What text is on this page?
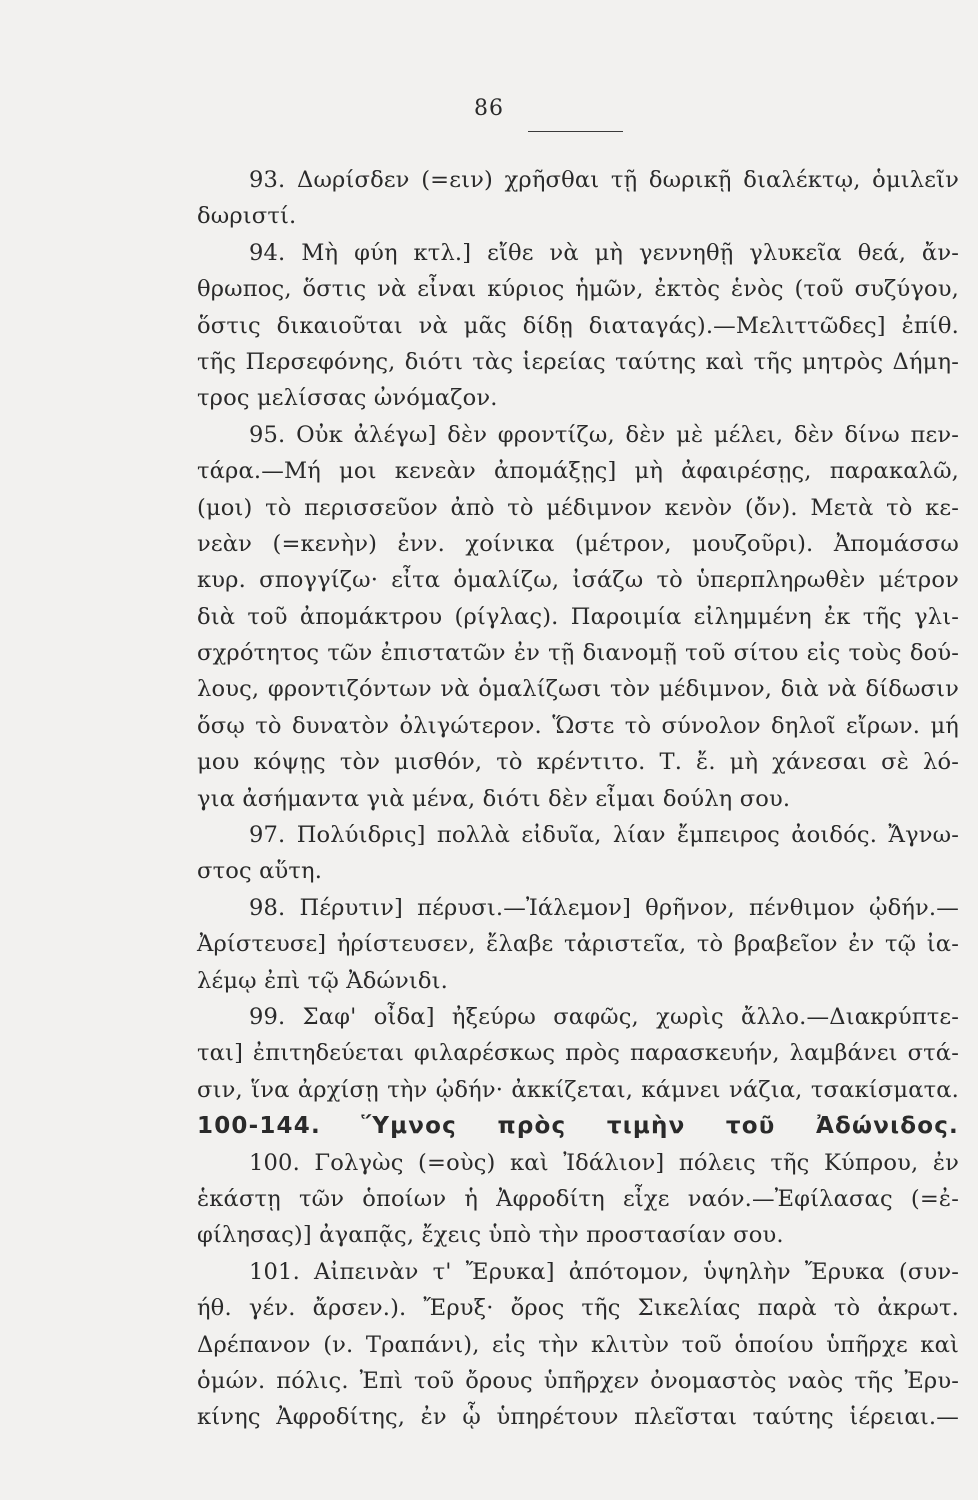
86
93. Δωρίσδεν (=ειν) χρῆσθαι τῇ δωρικῇ διαλέκτῳ, ὁμιλεῖν
δωριστί.
94. Μὴ φύη κτλ.] εἴθε νὰ μὴ γεννηθῇ γλυκεῖα θεά, ἄν-
θρωπος, ὅστις νὰ εἶναι κύριος ἡμῶν, ἐκτὸς ἑνὸς (τοῦ συζύγου,
ὅστις δικαιοῦται νὰ μᾶς δίδῃ διαταγάς).—Μελιττῶδες] ἐπίθ.
τῆς Περσεφόνης, διότι τὰς ἱερείας ταύτης καὶ τῆς μητρὸς Δήμη-
τρος μελίσσας ὠνόμαζον.
95. Οὐκ ἀλέγω] δὲν φροντίζω, δὲν μὲ μέλει, δὲν δίνω πεν-
τάρα.—Μή μοι κενεὰν ἀπομάξῃς] μὴ ἀφαιρέσῃς, παρακαλῶ,
(μοι) τὸ περισσεῦον ἀπὸ τὸ μέδιμνον κενὸν (ὄν). Μετὰ τὸ κε-
νεὰν (=κενὴν) ἐνν. χοίνικα (μέτρον, μουζοῦρι). Ἀπομάσσω
κυρ. σπογγίζω· εἶτα ὁμαλίζω, ἰσάζω τὸ ὑπερπληρωθὲν μέτρον
διὰ τοῦ ἀπομάκτρου (ρίγλας). Παροιμία εἰλημμένη ἐκ τῆς γλι-
σχρότητος τῶν ἐπιστατῶν ἐν τῇ διανομῇ τοῦ σίτου εἰς τοὺς δού-
λους, φροντιζόντων νὰ ὁμαλίζωσι τὸν μέδιμνον, διὰ νὰ δίδωσιν
ὅσῳ τὸ δυνατὸν ὀλιγώτερον. Ὥστε τὸ σύνολον δηλοῖ εἴρων. μή
μου κόψῃς τὸν μισθόν, τὸ κρέντιτο. Τ. ἔ. μὴ χάνεσαι σὲ λό-
για ἀσήμαντα γιὰ μένα, διότι δὲν εἶμαι δούλη σου.
97. Πολύιδρις] πολλὰ εἰδυῖα, λίαν ἔμπειρος ἀοιδός. Ἄγνω-
στος αὕτη.
98. Πέρυτιν] πέρυσι.—Ἰάλεμον] θρῆνον, πένθιμον ᾠδήν.—
Ἀρίστευσε] ἠρίστευσεν, ἔλαβε τἀριστεῖα, τὸ βραβεῖον ἐν τῷ ἰα-
λέμῳ ἐπὶ τῷ Ἀδώνιδι.
99. Σαφ' οἶδα] ἠξεύρω σαφῶς, χωρὶς ἄλλο.—Διακρύπτε-
ται] ἐπιτηδεύεται φιλαρέσκως πρὸς παρασκευήν, λαμβάνει στά-
σιν, ἵνα ἀρχίσῃ τὴν ᾠδήν· ἀκκίζεται, κάμνει νάζια, τσακίσματα.
100-144. Ὕμνος πρὸς τιμὴν τοῦ Ἀδώνιδος.
100. Γολγὼς (=οὺς) καὶ Ἰδάλιον] πόλεις τῆς Κύπρου, ἐν
ἑκάστῃ τῶν ὁποίων ἡ Ἀφροδίτη εἶχε ναόν.—Ἐφίλασας (=ἐ-
φίλησας)] ἀγαπᾷς, ἔχεις ὑπὸ τὴν προστασίαν σου.
101. Αἰπεινὰν τ' Ἔρυκα] ἀπότομον, ὑψηλὴν Ἔρυκα (συν-
ήθ. γέν. ἄρσεν.). Ἔρυξ· ὄρος τῆς Σικελίας παρὰ τὸ ἀκρωτ.
Δρέπανον (ν. Τραπάνι), εἰς τὴν κλιτὺν τοῦ ὁποίου ὑπῆρχε καὶ
ὁμών. πόλις. Ἐπὶ τοῦ ὄρους ὑπῆρχεν ὀνομαστὸς ναὸς τῆς Ἐρυ-
κίνης Ἀφροδίτης, ἐν ᾧ ὑπηρέτουν πλεῖσται ταύτης ἱέρειαι.—
